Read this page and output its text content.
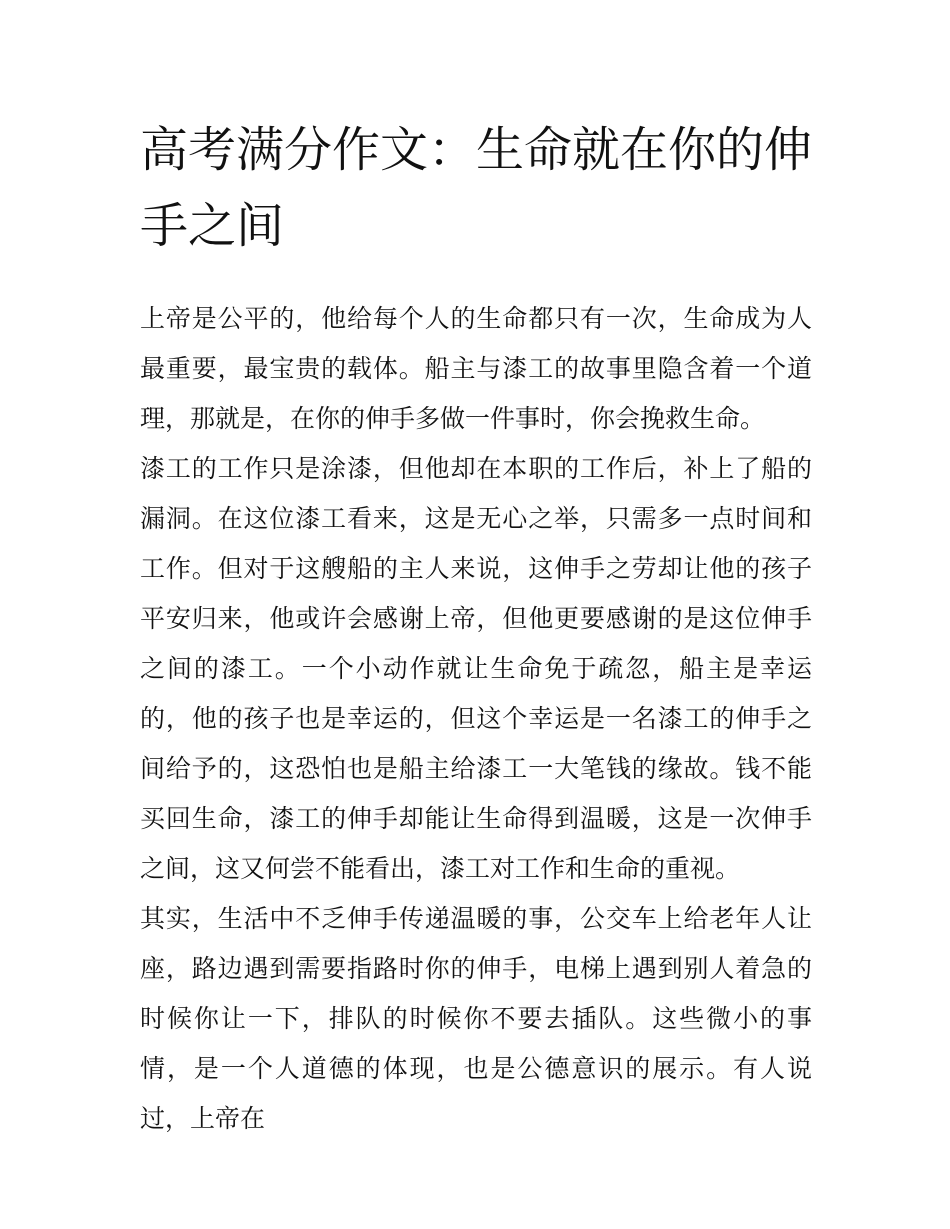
高考满分作文：生命就在你的伸手之间

上帝是公平的，他给每个人的生命都只有一次，生命成为人最重要，最宝贵的载体。船主与漆工的故事里隐含着一个道理，那就是，在你的伸手多做一件事时，你会挽救生命。

漆工的工作只是涂漆，但他却在本职的工作后，补上了船的漏洞。在这位漆工看来，这是无心之举，只需多一点时间和工作。但对于这艘船的主人来说，这伸手之劳却让他的孩子平安归来，他或许会感谢上帝，但他更要感谢的是这位伸手之间的漆工。一个小动作就让生命免于疏忽，船主是幸运的，他的孩子也是幸运的，但这个幸运是一名漆工的伸手之间给予的，这恐怕也是船主给漆工一大笔钱的缘故。钱不能买回生命，漆工的伸手却能让生命得到温暖，这是一次伸手之间，这又何尝不能看出，漆工对工作和生命的重视。

其实，生活中不乏伸手传递温暖的事，公交车上给老年人让座，路边遇到需要指路时你的伸手，电梯上遇到别人着急的时候你让一下，排队的时候你不要去插队。这些微小的事情，是一个人道德的体现，也是公德意识的展示。有人说过，上帝在
